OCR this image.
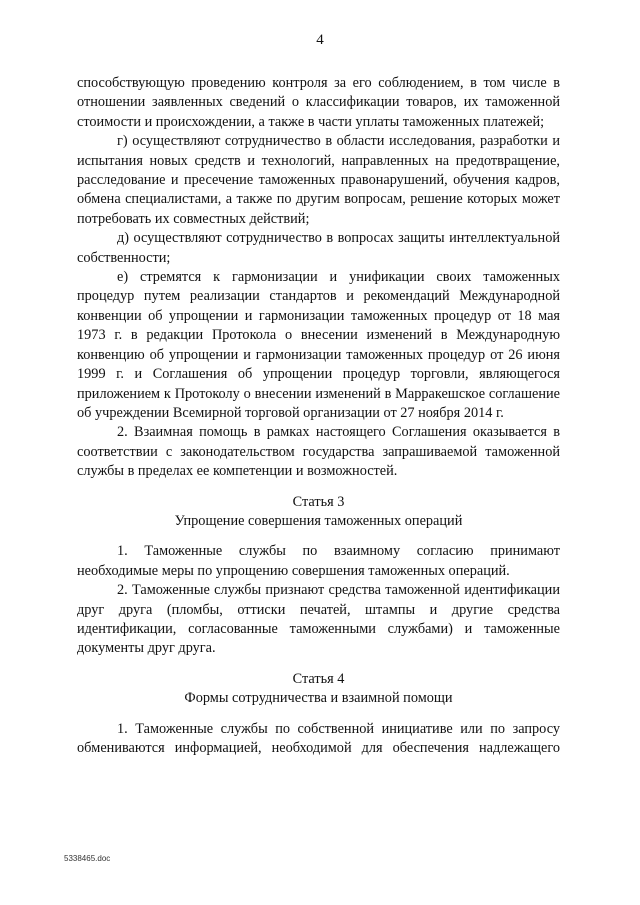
4

способствующую проведению контроля за его соблюдением, в том числе в отношении заявленных сведений о классификации товаров, их таможенной стоимости и происхождении, а также в части уплаты таможенных платежей;

г) осуществляют сотрудничество в области исследования, разработки и испытания новых средств и технологий, направленных на предотвращение, расследование и пресечение таможенных правонарушений, обучения кадров, обмена специалистами, а также по другим вопросам, решение которых может потребовать их совместных действий;

д) осуществляют сотрудничество в вопросах защиты интеллектуальной собственности;

е) стремятся к гармонизации и унификации своих таможенных процедур путем реализации стандартов и рекомендаций Международной конвенции об упрощении и гармонизации таможенных процедур от 18 мая 1973 г. в редакции Протокола о внесении изменений в Международную конвенцию об упрощении и гармонизации таможенных процедур от 26 июня 1999 г. и Соглашения об упрощении процедур торговли, являющегося приложением к Протоколу о внесении изменений в Марракешское соглашение об учреждении Всемирной торговой организации от 27 ноября 2014 г.

2. Взаимная помощь в рамках настоящего Соглашения оказывается в соответствии с законодательством государства запрашиваемой таможенной службы в пределах ее компетенции и возможностей.

Статья 3

Упрощение совершения таможенных операций

1. Таможенные службы по взаимному согласию принимают необходимые меры по упрощению совершения таможенных операций.

2. Таможенные службы признают средства таможенной идентификации друг друга (пломбы, оттиски печатей, штампы и другие средства идентификации, согласованные таможенными службами) и таможенные документы друг друга.

Статья 4

Формы сотрудничества и взаимной помощи

1. Таможенные службы по собственной инициативе или по запросу обмениваются информацией, необходимой для обеспечения надлежащего

5338465.doc
